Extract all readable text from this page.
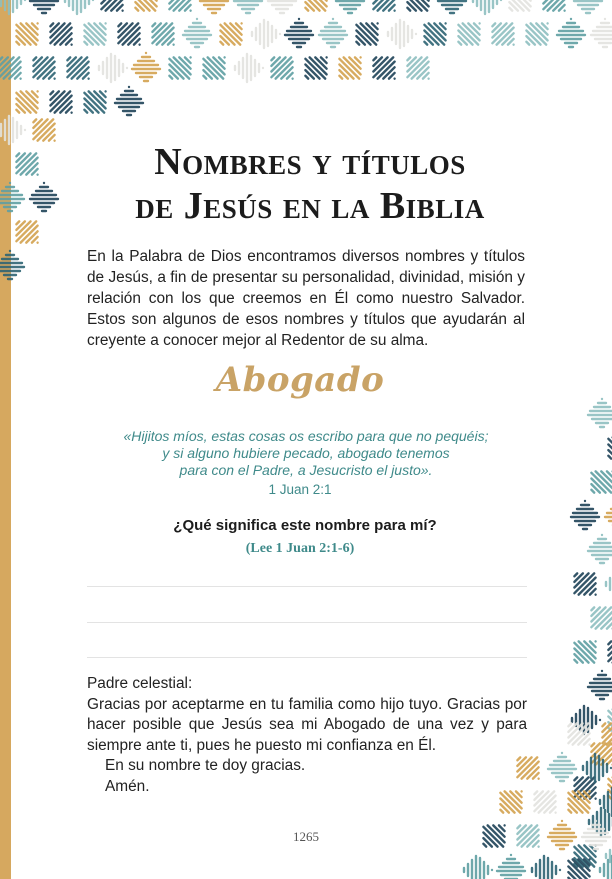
Nombres y títulos
de Jesús en la Biblia

En la Palabra de Dios encontramos diversos nombres y títulos de Jesús, a fin de presentar su personalidad, divinidad, misión y relación con los que creemos en Él como nuestro Salvador. Estos son algunos de esos nombres y títulos que ayudarán al creyente a conocer mejor al Redentor de su alma.

Abogado
«Hijitos míos, estas cosas os escribo para que no pequéis;
y si alguno hubiere pecado, abogado tenemos
para con el Padre, a Jesucristo el justo».

1 Juan 2:1

¿Qué significa este nombre para mí?

(Lee 1 Juan 2:1-6)

Padre celestial:

Gracias por aceptarme en tu familia como hijo tuyo. Gracias por hacer posible que Jesús sea mi Abogado de una vez y para siempre ante ti, pues he puesto mi confianza en Él.

En su nombre te doy gracias.

Amén.

1265
